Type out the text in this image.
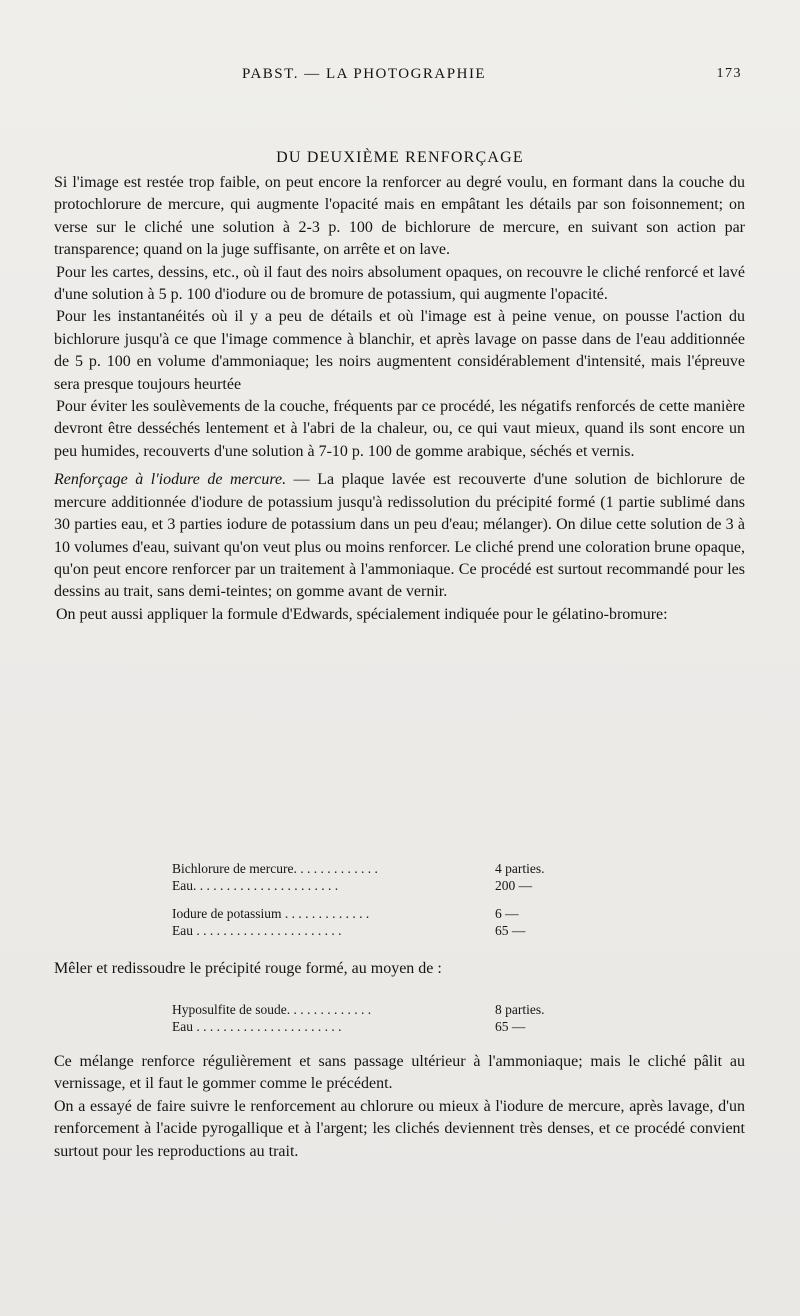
PABST. — LA PHOTOGRAPHIE	173
DU DEUXIÈME RENFORÇAGE

Si l'image est restée trop faible, on peut encore la renforcer au degré voulu, en formant dans la couche du protochlorure de mercure, qui augmente l'opacité mais en empâtant les détails par son foisonnement; on verse sur le cliché une solution à 2-3 p. 100 de bichlorure de mercure, en suivant son action par transparence; quand on la juge suffisante, on arrête et on lave.

Pour les cartes, dessins, etc., où il faut des noirs absolument opaques, on recouvre le cliché renforcé et lavé d'une solution à 5 p. 100 d'iodure ou de bromure de potassium, qui augmente l'opacité.

Pour les instantanéités où il y a peu de détails et où l'image est à peine venue, on pousse l'action du bichlorure jusqu'à ce que l'image commence à blanchir, et après lavage on passe dans de l'eau additionnée de 5 p. 100 en volume d'ammoniaque; les noirs augmentent considérablement d'intensité, mais l'épreuve sera presque toujours heurtée

Pour éviter les soulèvements de la couche, fréquents par ce procédé, les négatifs renforcés de cette manière devront être desséchés lentement et à l'abri de la chaleur, ou, ce qui vaut mieux, quand ils sont encore un peu humides, recouverts d'une solution à 7-10 p. 100 de gomme arabique, séchés et vernis.

Renforçage à l'iodure de mercure. — La plaque lavée est recouverte d'une solution de bichlorure de mercure additionnée d'iodure de potassium jusqu'à redissolution du précipité formé (1 partie sublimé dans 30 parties eau, et 3 parties iodure de potassium dans un peu d'eau; mélanger). On dilue cette solution de 3 à 10 volumes d'eau, suivant qu'on veut plus ou moins renforcer. Le cliché prend une coloration brune opaque, qu'on peut encore renforcer par un traitement à l'ammoniaque. Ce procédé est surtout recommandé pour les dessins au trait, sans demi-teintes; on gomme avant de vernir.

On peut aussi appliquer la formule d'Edwards, spécialement indiquée pour le gélatino-bromure:

Bichlorure de mercure. . . . . . . . . . . . .	4 parties.
Eau. . . . . . . . . . . . . . . . . . . . . .	200 —
Iodure de potassium . . . . . . . . . . . . .	6 —
Eau . . . . . . . . . . . . . . . . . . . . . .	65 —

Mêler et redissoudre le précipité rouge formé, au moyen de :

Hyposulfite de soude. . . . . . . . . . . . .	8 parties.
Eau . . . . . . . . . . . . . . . . . . . . . .	65 —

Ce mélange renforce régulièrement et sans passage ultérieur à l'ammoniaque; mais le cliché pâlit au vernissage, et il faut le gommer comme le précédent.

On a essayé de faire suivre le renforcement au chlorure ou mieux à l'iodure de mercure, après lavage, d'un renforcement à l'acide pyrogallique et à l'argent; les clichés deviennent très denses, et ce procédé convient surtout pour les reproductions au trait.
